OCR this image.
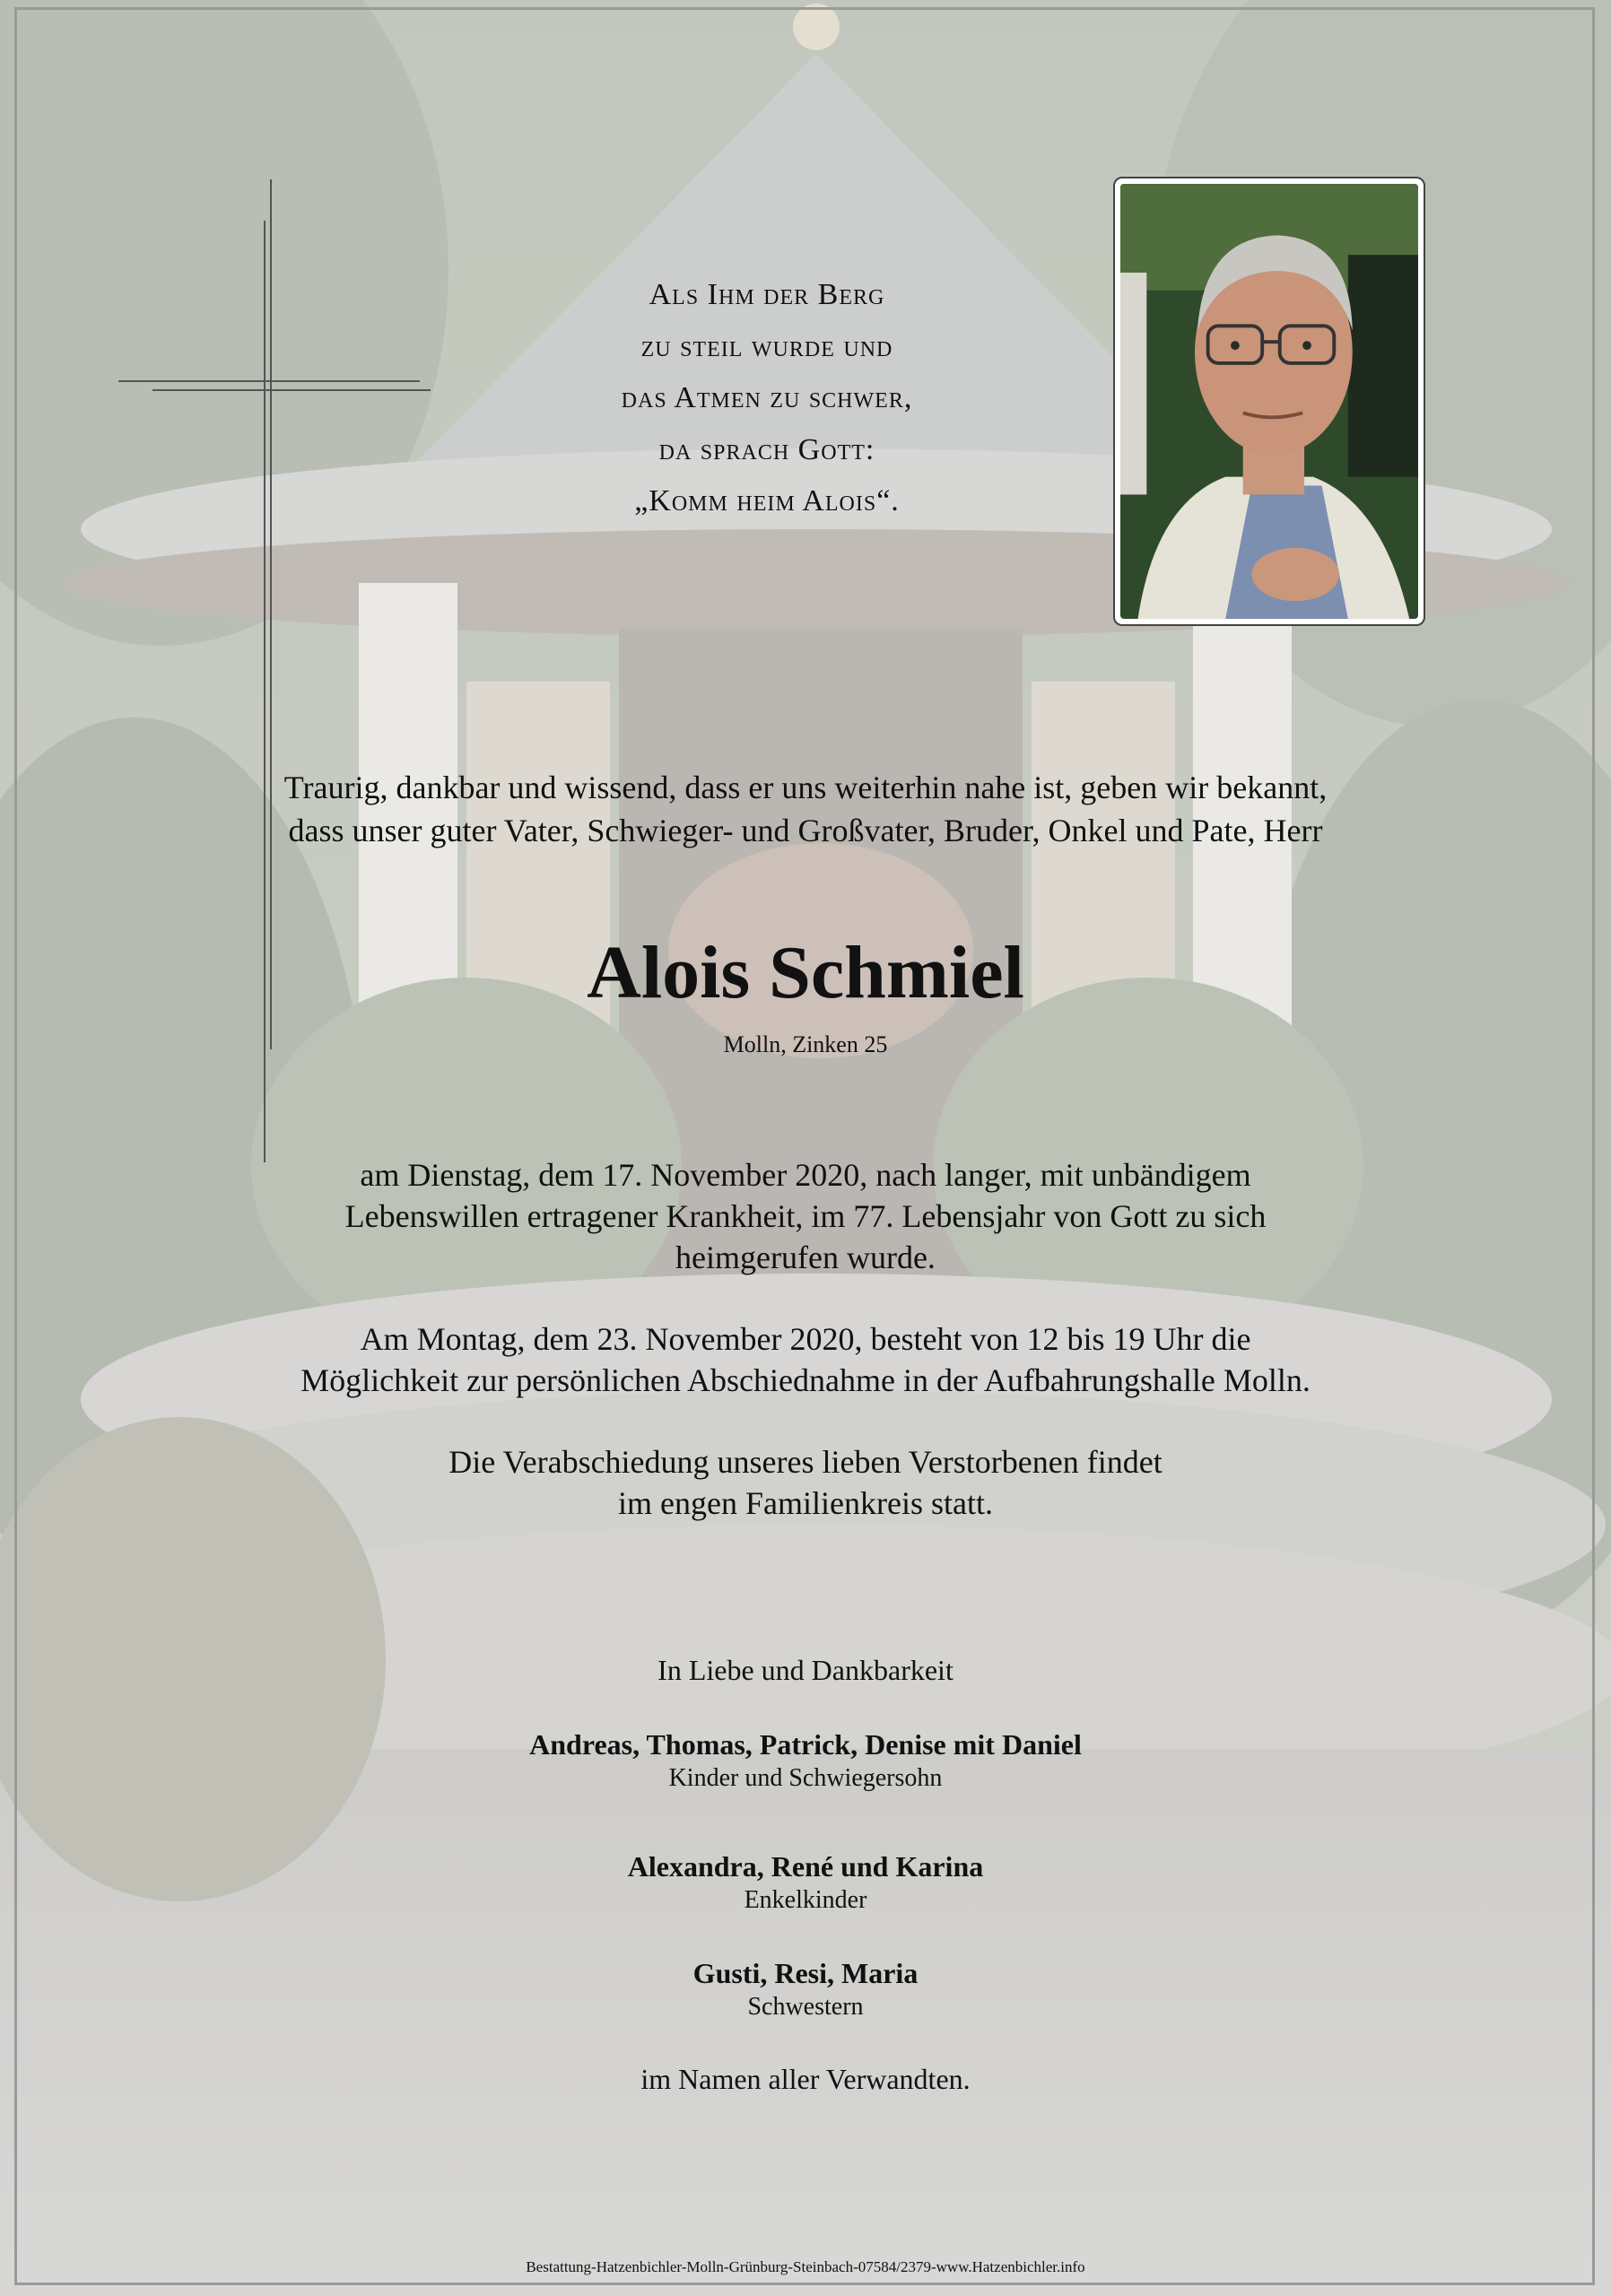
Als Ihm der Berg
zu steil wurde und
das Atmen zu schwer,
da sprach Gott:
„Komm heim Alois“.
Traurig, dankbar und wissend, dass er uns weiterhin nahe ist, geben wir bekannt,
dass unser guter Vater, Schwieger- und Großvater, Bruder, Onkel und Pate, Herr
Alois Schmiel
Molln, Zinken 25
am Dienstag, dem 17. November 2020, nach langer, mit unbändigem
Lebenswillen ertragener Krankheit, im 77. Lebensjahr von Gott zu sich
heimgerufen wurde.
Am Montag, dem 23. November 2020, besteht von 12 bis 19 Uhr die
Möglichkeit zur persönlichen Abschiednahme in der Aufbahrungshalle Molln.
Die Verabschiedung unseres lieben Verstorbenen findet
im engen Familienkreis statt.
In Liebe und Dankbarkeit
Andreas, Thomas, Patrick, Denise mit Daniel
Kinder und Schwiegersohn
Alexandra, René und Karina
Enkelkinder
Gusti, Resi, Maria
Schwestern
im Namen aller Verwandten.
Bestattung-Hatzenbichler-Molln-Grünburg-Steinbach-07584/2379-www.Hatzenbichler.info
